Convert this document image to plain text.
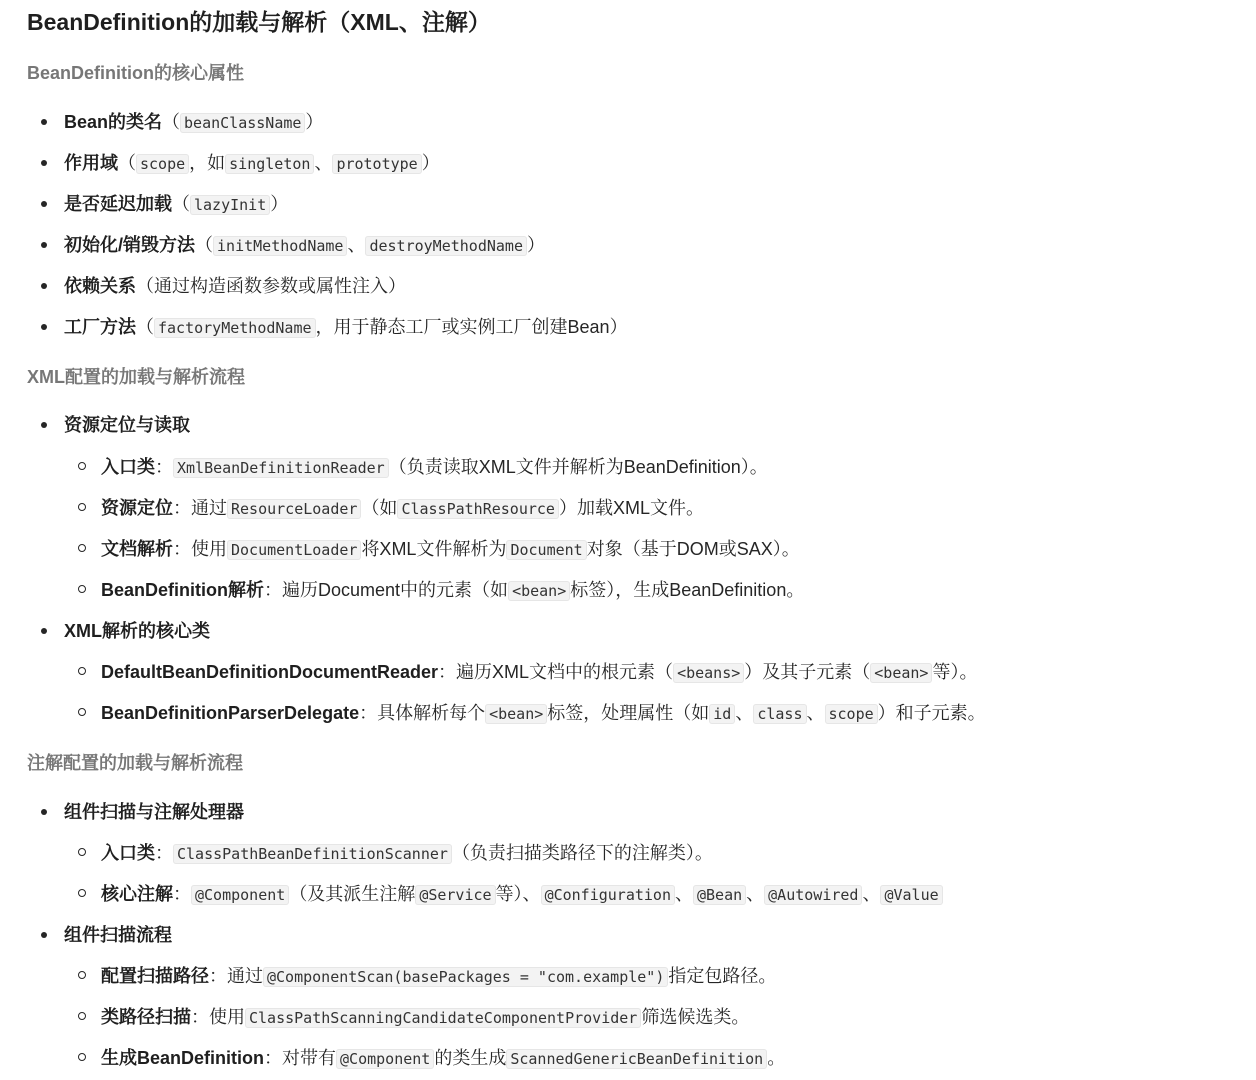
BeanDefinition的加载与解析（XML、注解）
BeanDefinition的核心属性
Bean的类名（ beanClassName ）
作用域（ scope ，如 singleton 、 prototype ）
是否延迟加载（ lazyInit ）
初始化/销毁方法（ initMethodName 、 destroyMethodName ）
依赖关系（通过构造函数参数或属性注入）
工厂方法（ factoryMethodName ，用于静态工厂或实例工厂创建Bean）
XML配置的加载与解析流程
资源定位与读取
入口类： XmlBeanDefinitionReader （负责读取XML文件并解析为BeanDefinition）。
资源定位：通过 ResourceLoader （如 ClassPathResource ）加载XML文件。
文档解析：使用 DocumentLoader 将XML文件解析为 Document 对象（基于DOM或SAX）。
BeanDefinition解析：遍历Document中的元素（如 <bean> 标签），生成BeanDefinition。
XML解析的核心类
DefaultBeanDefinitionDocumentReader：遍历XML文档中的根元素（ <beans> ）及其子元素（ <bean> 等）。
BeanDefinitionParserDelegate：具体解析每个 <bean> 标签，处理属性（如 id 、 class 、 scope ）和子元素。
注解配置的加载与解析流程
组件扫描与注解处理器
入口类： ClassPathBeanDefinitionScanner （负责扫描类路径下的注解类）。
核心注解： @Component （及其派生注解 @Service 等）、 @Configuration 、 @Bean 、 @Autowired 、 @Value
组件扫描流程
配置扫描路径：通过 @ComponentScan(basePackages = "com.example") 指定包路径。
类路径扫描：使用 ClassPathScanningCandidateComponentProvider 筛选候选类。
生成BeanDefinition：对带有 @Component 的类生成 ScannedGenericBeanDefinition 。
